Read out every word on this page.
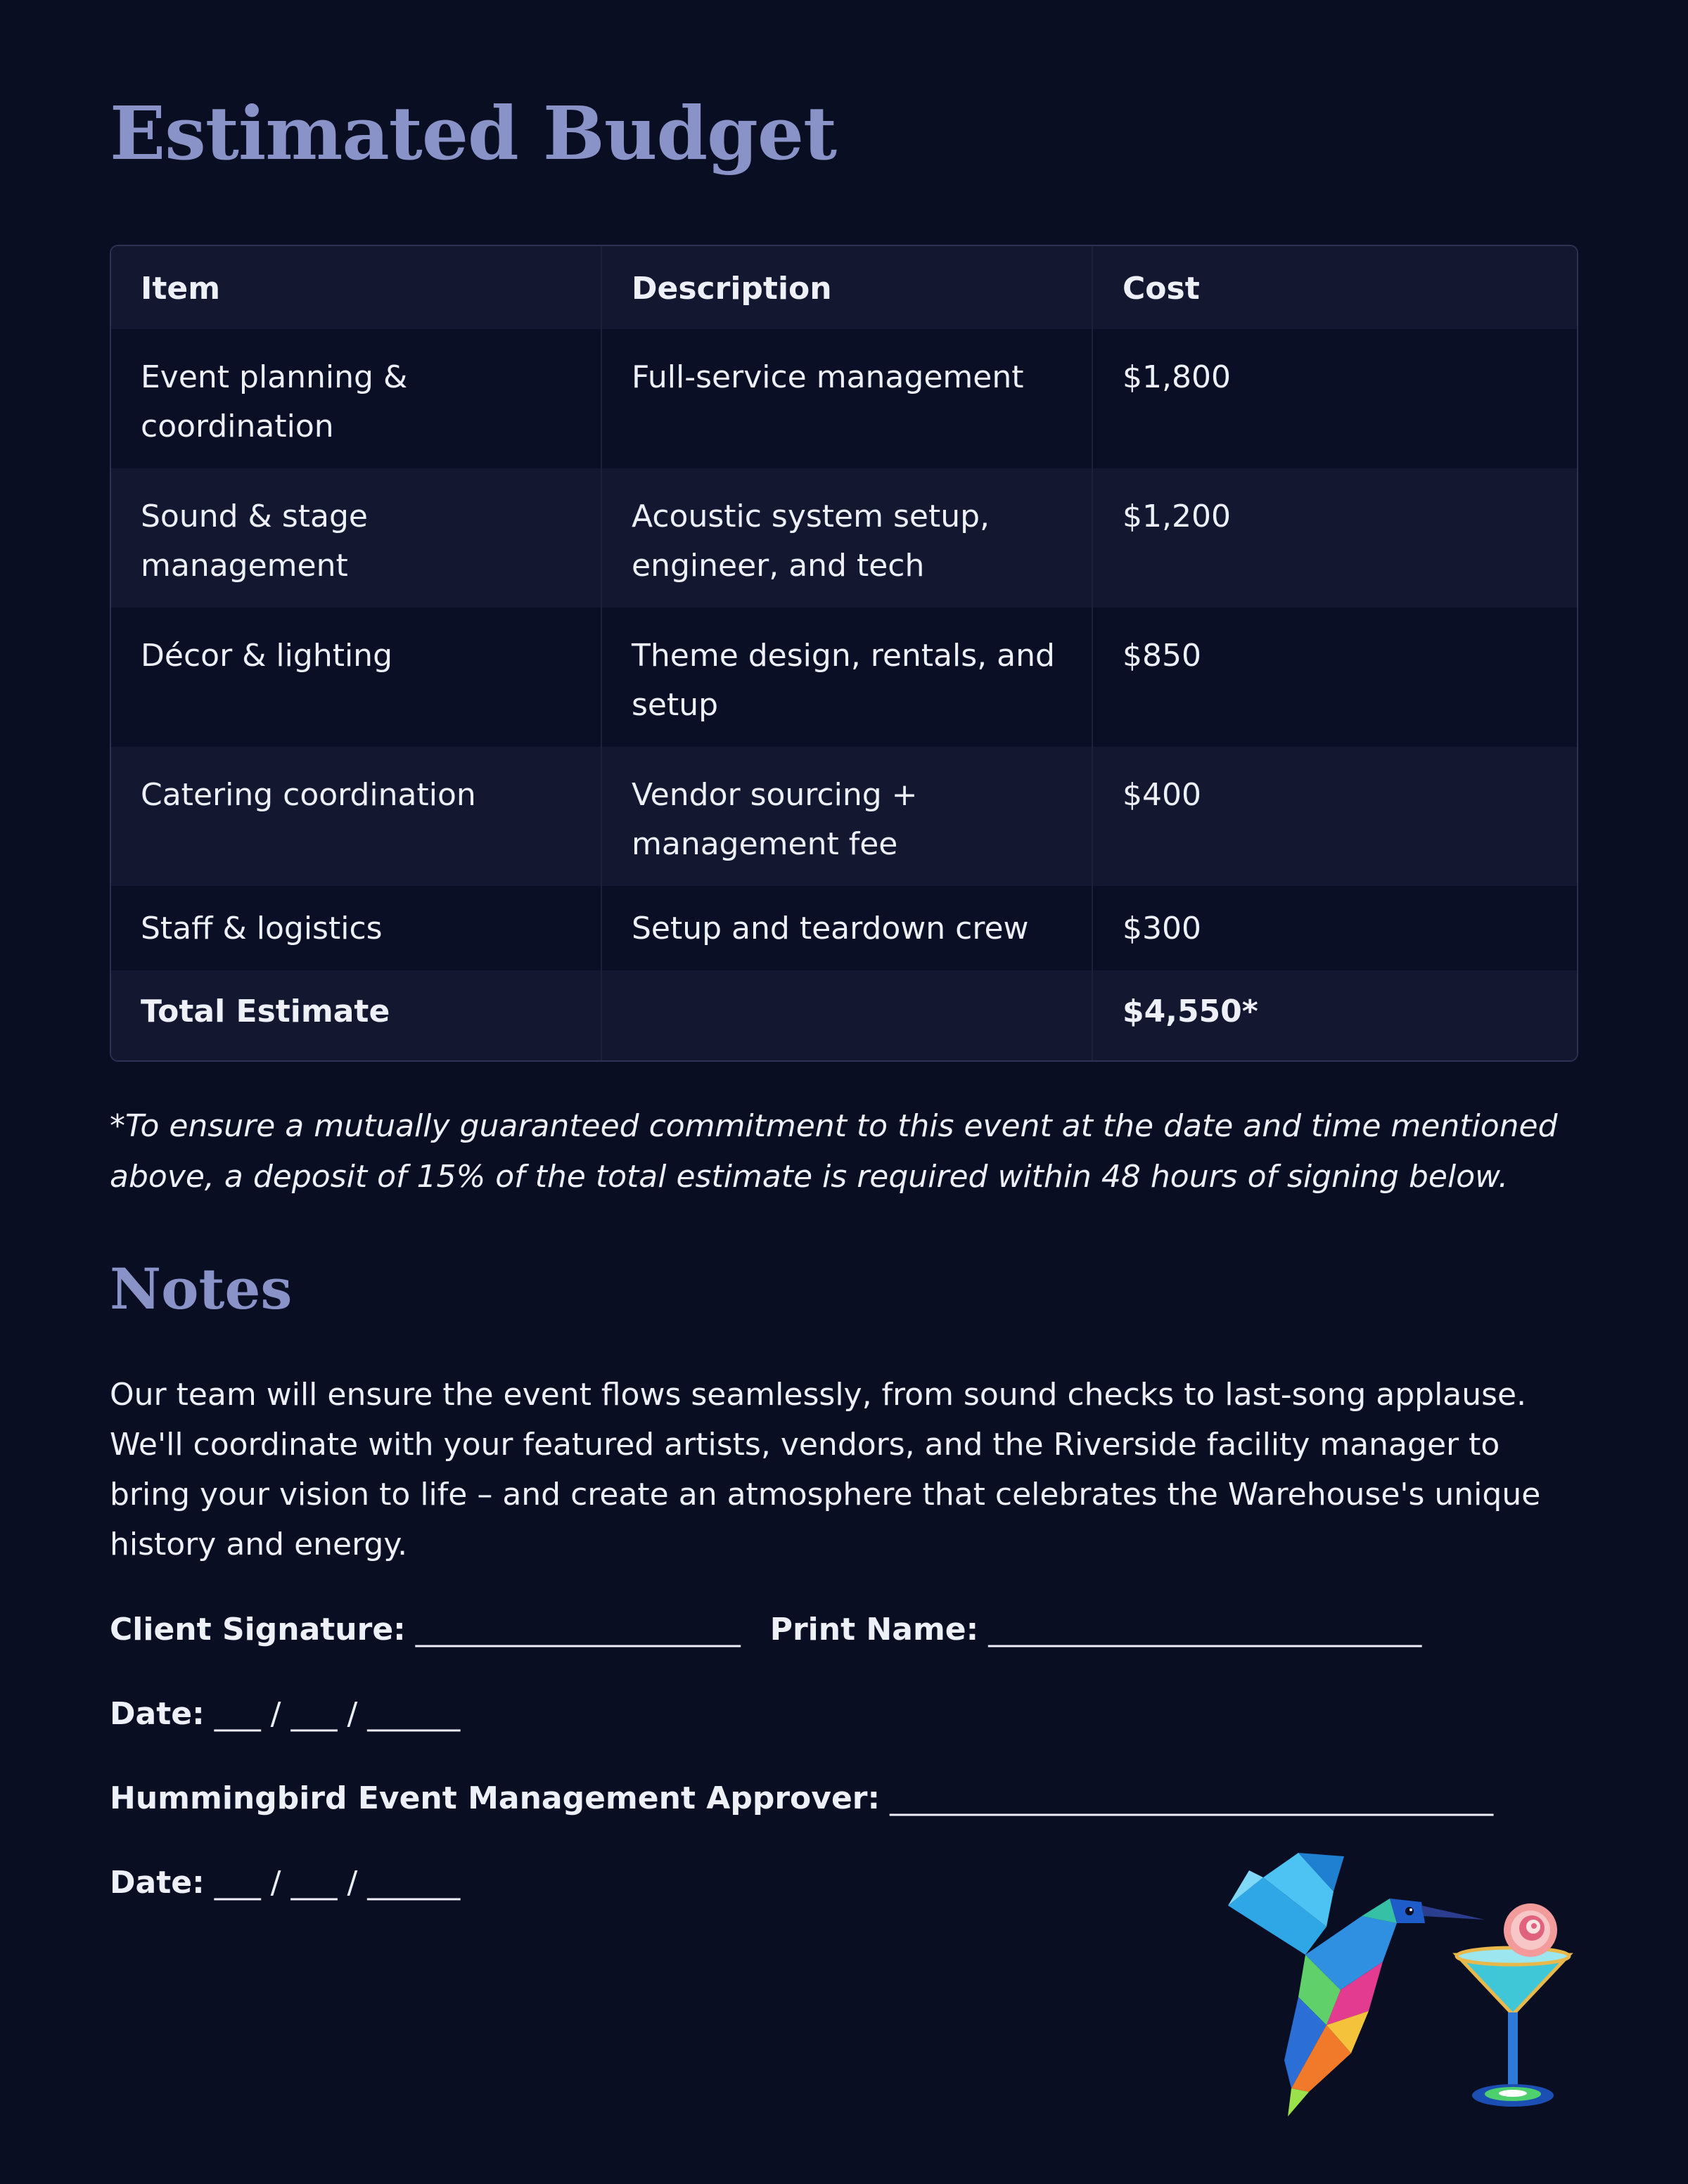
Estimated Budget
Item	Description	Cost
Event planning & coordination	Full-service management	$1,800
Sound & stage management	Acoustic system setup, engineer, and tech	$1,200
Décor & lighting	Theme design, rentals, and setup	$850
Catering coordination	Vendor sourcing + management fee	$400
Staff & logistics	Setup and teardown crew	$300
Total Estimate		$4,550*

*To ensure a mutually guaranteed commitment to this event at the date and time mentioned above, a deposit of 15% of the total estimate is required within 48 hours of signing below.

Notes

Our team will ensure the event flows seamlessly, from sound checks to last-song applause. We'll coordinate with your featured artists, vendors, and the Riverside facility manager to bring your vision to life – and create an atmosphere that celebrates the Warehouse's unique history and energy.

Client Signature: _____________________ Print Name: ____________________________
Date: ___ / ___ / ______
Hummingbird Event Management Approver: _______________________________________
Date: ___ / ___ / ______
